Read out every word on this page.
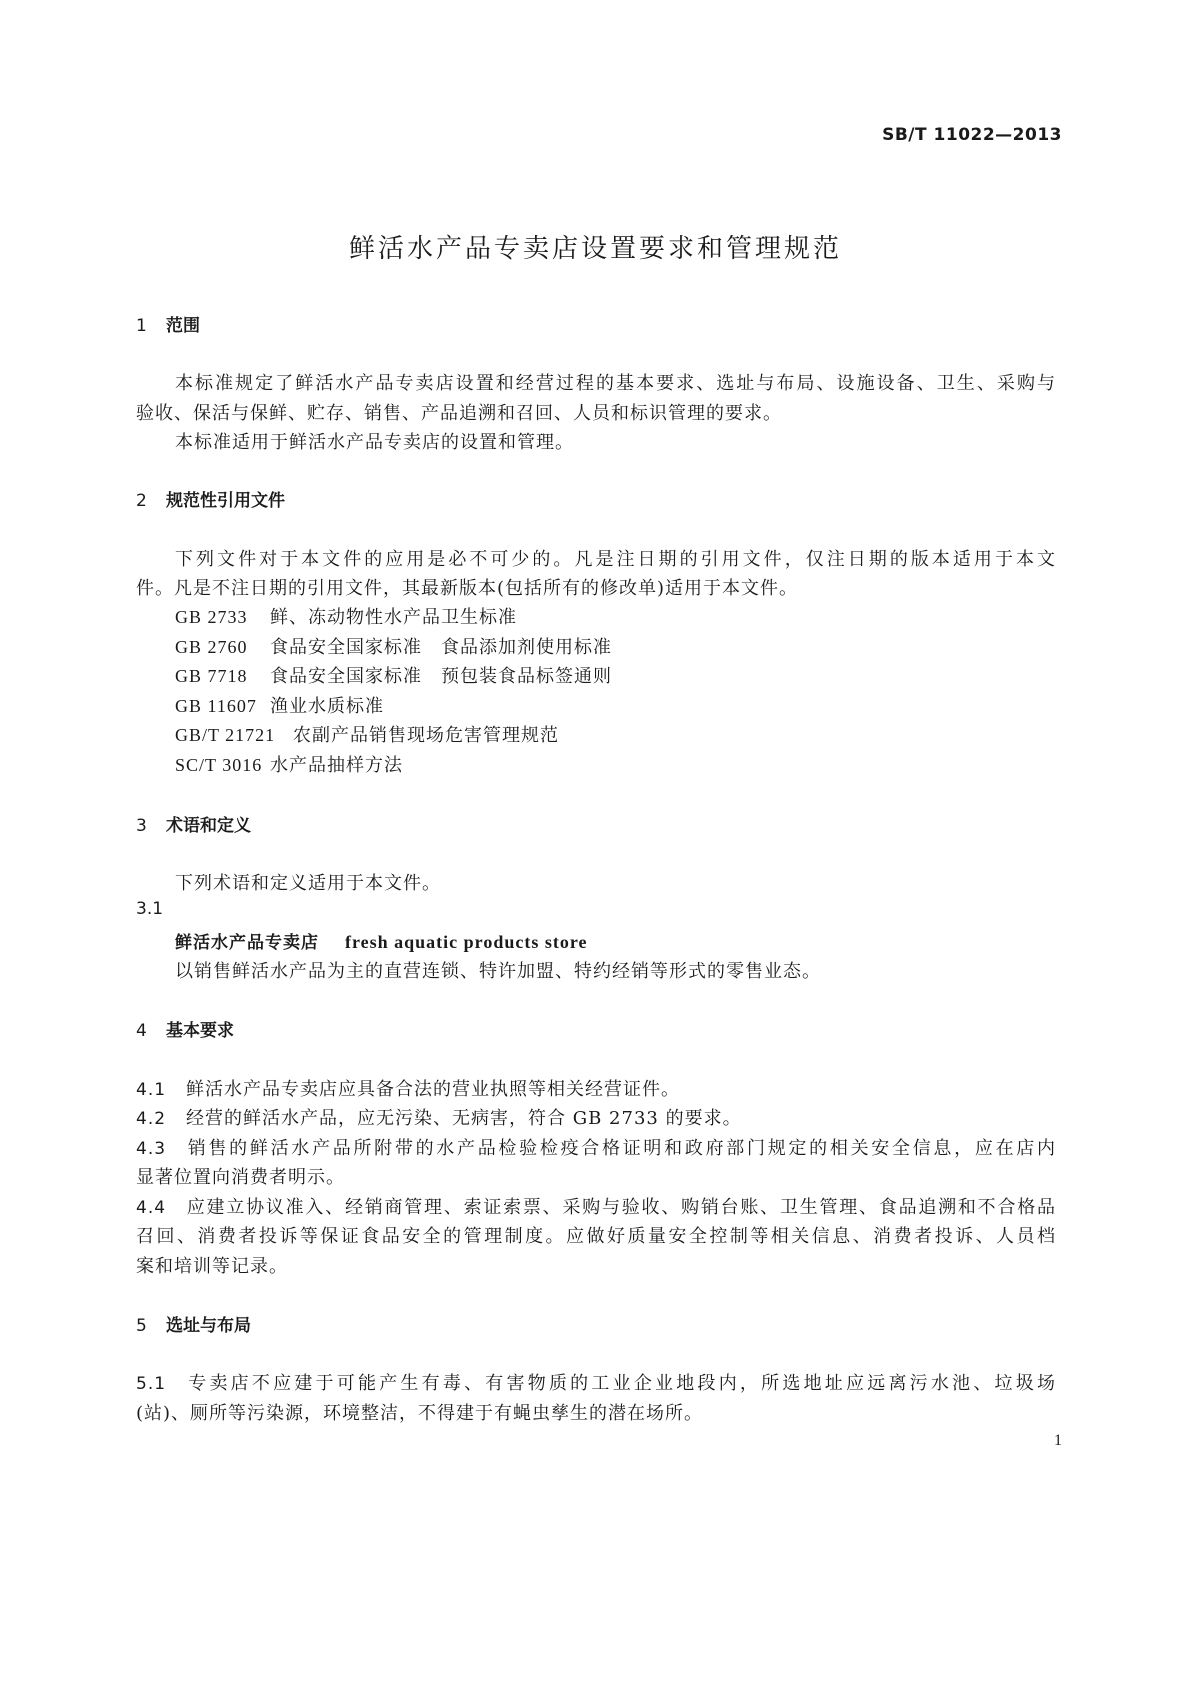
SB/T 11022—2013
鲜活水产品专卖店设置要求和管理规范
1 范围
本标准规定了鲜活水产品专卖店设置和经营过程的基本要求、选址与布局、设施设备、卫生、采购与
验收、保活与保鲜、贮存、销售、产品追溯和召回、人员和标识管理的要求。
本标准适用于鲜活水产品专卖店的设置和管理。
2 规范性引用文件
下列文件对于本文件的应用是必不可少的。凡是注日期的引用文件，仅注日期的版本适用于本文
件。凡是不注日期的引用文件，其最新版本(包括所有的修改单)适用于本文件。
GB 2733 鲜、冻动物性水产品卫生标准
GB 2760 食品安全国家标准　食品添加剂使用标准
GB 7718 食品安全国家标准　预包装食品标签通则
GB 11607 渔业水质标准
GB/T 21721 农副产品销售现场危害管理规范
SC/T 3016 水产品抽样方法
3 术语和定义
下列术语和定义适用于本文件。
3.1
鲜活水产品专卖店 fresh aquatic products store
以销售鲜活水产品为主的直营连锁、特许加盟、特约经销等形式的零售业态。
4 基本要求
4.1 鲜活水产品专卖店应具备合法的营业执照等相关经营证件。
4.2 经营的鲜活水产品，应无污染、无病害，符合 GB 2733 的要求。
4.3 销售的鲜活水产品所附带的水产品检验检疫合格证明和政府部门规定的相关安全信息，应在店内
显著位置向消费者明示。
4.4 应建立协议准入、经销商管理、索证索票、采购与验收、购销台账、卫生管理、食品追溯和不合格品
召回、消费者投诉等保证食品安全的管理制度。应做好质量安全控制等相关信息、消费者投诉、人员档
案和培训等记录。
5 选址与布局
5.1 专卖店不应建于可能产生有毒、有害物质的工业企业地段内，所选地址应远离污水池、垃圾场
(站)、厕所等污染源，环境整洁，不得建于有蝇虫孳生的潜在场所。
1
